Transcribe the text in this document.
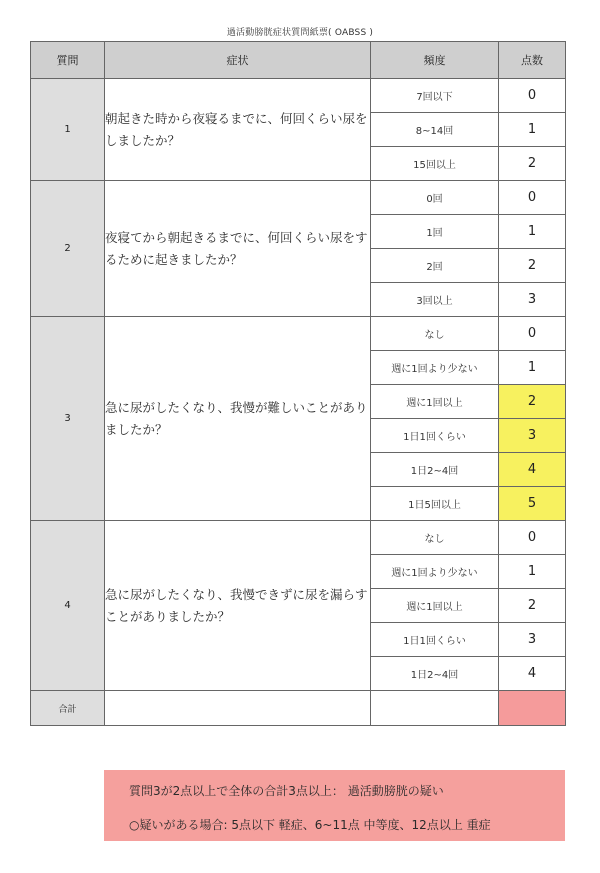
過活動膀胱症状質問紙票( OABSS )
質問	症状	頻度	点数
1	朝起きた時から夜寝るまでに、何回くらい尿をしましたか？	7回以下	0
		8~14回	1
		15回以上	2
2	夜寝てから朝起きるまでに、何回くらい尿をするために起きましたか？	0回	0
		1回	1
		2回	2
		3回以上	3
3	急に尿がしたくなり、我慢が難しいことがありましたか？	なし	0
		週に1回より少ない	1
		週に1回以上	2
		1日1回くらい	3
		1日2~4回	4
		1日5回以上	5
4	急に尿がしたくなり、我慢できずに尿を漏らすことがありましたか？	なし	0
		週に1回より少ない	1
		週に1回以上	2
		1日1回くらい	3
		1日2~4回	4
合計			
質問3が2点以上で全体の合計3点以上： 過活動膀胱の疑い
○疑いがある場合: 5点以下 軽症、6~11点 中等度、12点以上 重症
